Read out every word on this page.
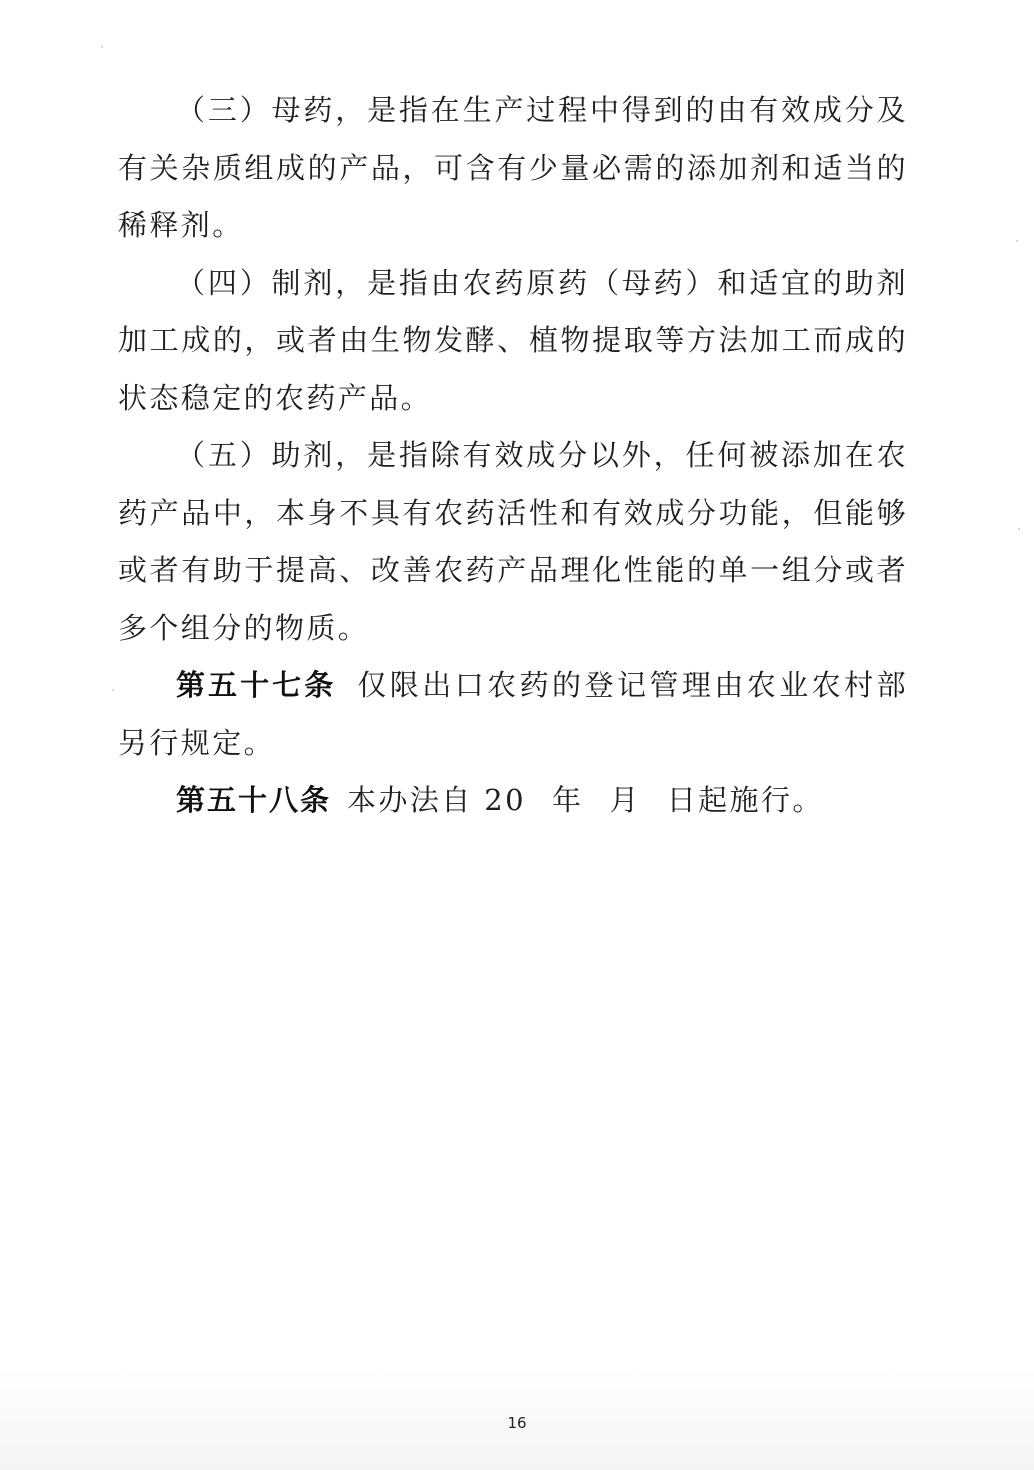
（三）母药，是指在生产过程中得到的由有效成分及有关杂质组成的产品，可含有少量必需的添加剂和适当的稀释剂。

（四）制剂，是指由农药原药（母药）和适宜的助剂加工成的，或者由生物发酵、植物提取等方法加工而成的状态稳定的农药产品。

（五）助剂，是指除有效成分以外，任何被添加在农药产品中，本身不具有农药活性和有效成分功能，但能够或者有助于提高、改善农药产品理化性能的单一组分或者多个组分的物质。

第五十七条 仅限出口农药的登记管理由农业农村部另行规定。

第五十八条 本办法自 20 年 月 日起施行。

16
